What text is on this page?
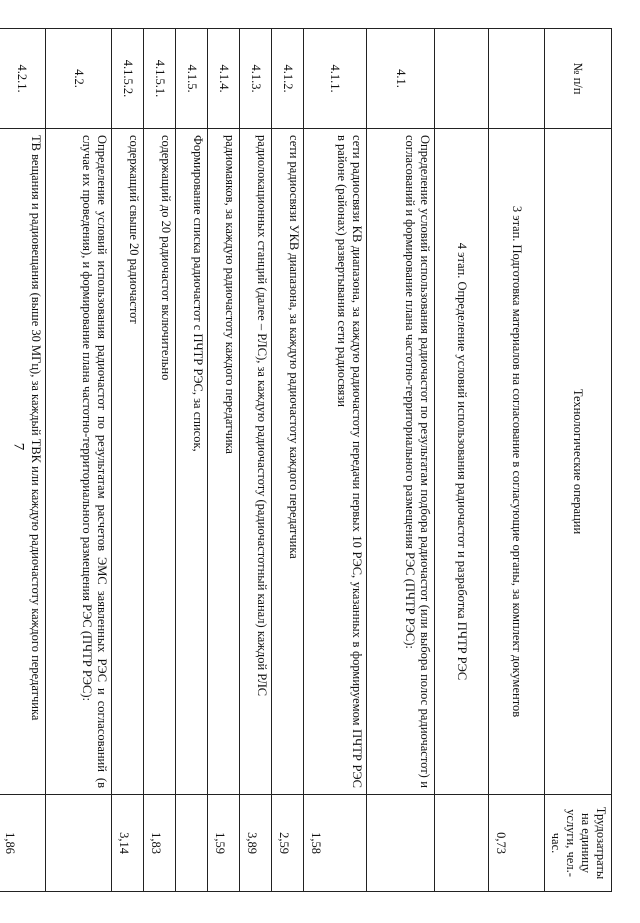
7
№ п/п	Технологические операции	Трудозатраты на единицу услуги, чел.-час.
	3 этап. Подготовка материалов на согласование в согласующие органы, за комплект документов	0,73
	4 этап. Определение условий использования радиочастот и разработка ПЧТР РЭС	
4.1.	Определение условий использования радиочастот по результатам подбора радиочастот (или выбора полос радиочастот) и согласований и формирование плана частотно-территориального размещения РЭС (ПЧТР РЭС):	
4.1.1.	сети радиосвязи КВ диапазона, за каждую радиочастоту передачи первых 10 РЭС, указанных в формируемом ПЧТР РЭС в районе (районах) развертывания сети радиосвязи	1,58
4.1.2.	сети радиосвязи УКВ диапазона, за каждую радиочастоту каждого передатчика	2,59
4.1.3.	радиолокационных станций (далее – РЛС), за каждую радиочастоту (радиочастотный канал) каждой РЛС	3,89
4.1.4.	радиомаяков, за каждую радиочастоту каждого передатчика	1,59
4.1.5.	Формирование списка радиочастот с ПЧТР РЭС, за список,	
4.1.5.1.	содержащий до 20 радиочастот включительно	1,83
4.1.5.2.	содержащий свыше 20 радиочастот	3,14
4.2.	Определение условий использования радиочастот по результатам расчетов ЭМС заявленных РЭС и согласований (в случае их проведения), и формирование плана частотно-территориального размещения РЭС (ПЧТР РЭС):	
4.2.1.	ТВ вещания и радиовещания (выше 30 МГц), за каждый ТВК или каждую радиочастоту каждого передатчика	1,86
